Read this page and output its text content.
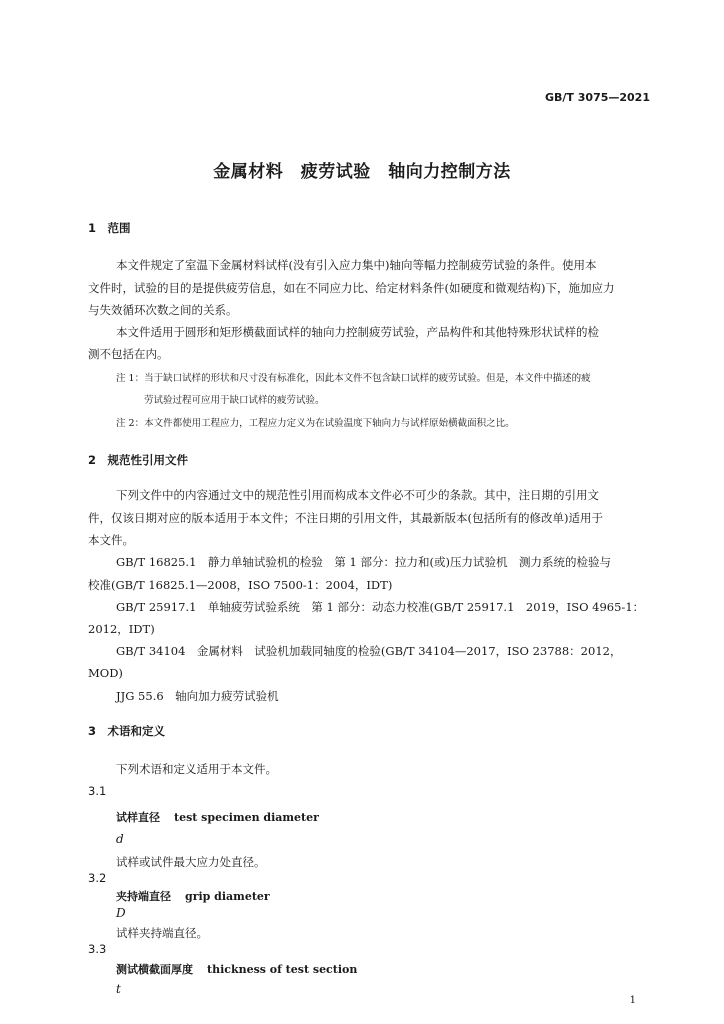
GB/T 3075—2021
金属材料　疲劳试验　轴向力控制方法
1　范围
本文件规定了室温下金属材料试样(没有引入应力集中)轴向等幅力控制疲劳试验的条件。使用本
文件时，试验的目的是提供疲劳信息，如在不同应力比、给定材料条件(如硬度和微观结构)下，施加应力
与失效循环次数之间的关系。
本文件适用于圆形和矩形横截面试样的轴向力控制疲劳试验，产品构件和其他特殊形状试样的检
测不包括在内。
注 1：当于缺口试样的形状和尺寸没有标准化，因此本文件不包含缺口试样的疲劳试验。但是，本文件中描述的疲
劳试验过程可应用于缺口试样的疲劳试验。
注 2：本文件都使用工程应力，工程应力定义为在试验温度下轴向力与试样原始横截面积之比。
2　规范性引用文件
下列文件中的内容通过文中的规范性引用而构成本文件必不可少的条款。其中，注日期的引用文
件，仅该日期对应的版本适用于本文件；不注日期的引用文件，其最新版本(包括所有的修改单)适用于
本文件。
GB/T 16825.1　静力单轴试验机的检验　第 1 部分：拉力和(或)压力试验机　测力系统的检验与
校准(GB/T 16825.1—2008，ISO 7500-1：2004，IDT)
GB/T 25917.1　单轴疲劳试验系统　第 1 部分：动态力校准(GB/T 25917.1　2019，ISO 4965-1：
2012，IDT)
GB/T 34104　金属材料　试验机加载同轴度的检验(GB/T 34104—2017，ISO 23788：2012，
MOD)
JJG 55.6　轴向加力疲劳试验机
3　术语和定义
下列术语和定义适用于本文件。
3.1
试样直径 test specimen diameter
d
试样或试件最大应力处直径。
3.2
夹持端直径 grip diameter
D
试样夹持端直径。
3.3
测试横截面厚度 thickness of test section
t
1
